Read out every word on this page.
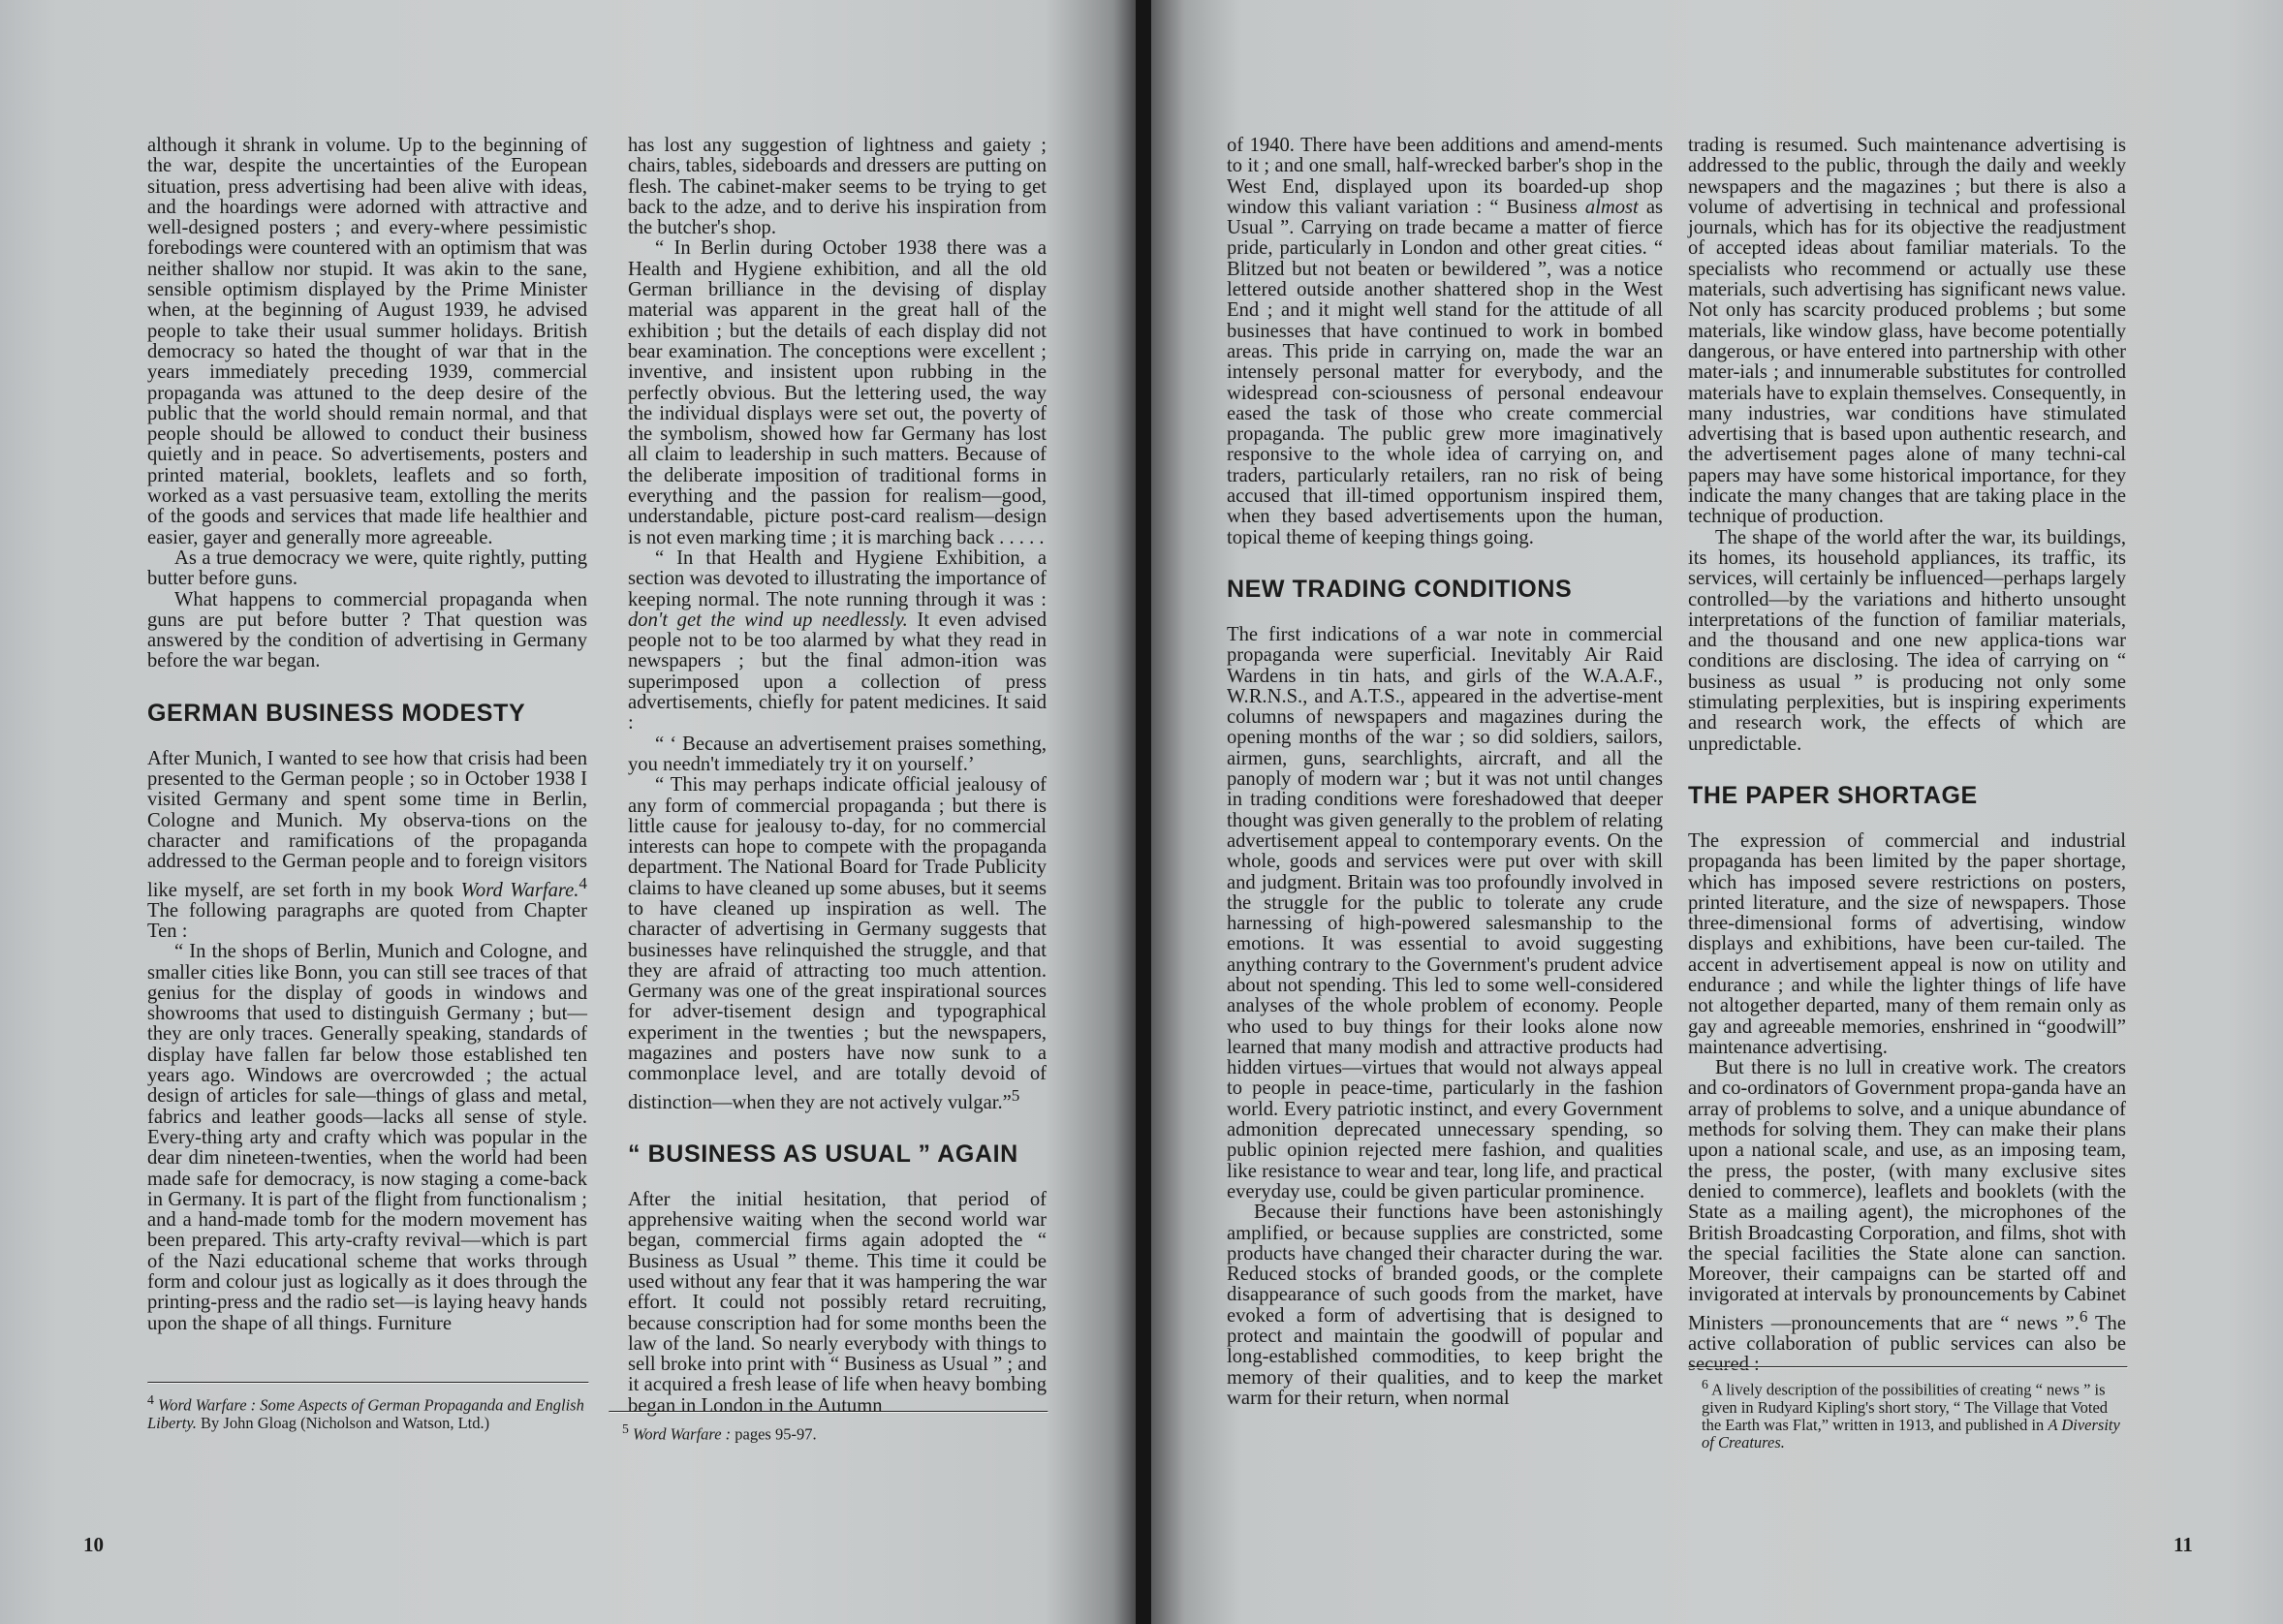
although it shrank in volume. Up to the beginning of the war, despite the uncertainties of the European situation, press advertising had been alive with ideas, and the hoardings were adorned with attractive and well-designed posters ; and every-where pessimistic forebodings were countered with an optimism that was neither shallow nor stupid. It was akin to the sane, sensible optimism displayed by the Prime Minister when, at the beginning of August 1939, he advised people to take their usual summer holidays. British democracy so hated the thought of war that in the years immediately preceding 1939, commercial propaganda was attuned to the deep desire of the public that the world should remain normal, and that people should be allowed to conduct their business quietly and in peace. So advertisements, posters and printed material, booklets, leaflets and so forth, worked as a vast persuasive team, extolling the merits of the goods and services that made life healthier and easier, gayer and generally more agreeable.

As a true democracy we were, quite rightly, putting butter before guns.

What happens to commercial propaganda when guns are put before butter ? That question was answered by the condition of advertising in Germany before the war began.

GERMAN BUSINESS MODESTY

After Munich, I wanted to see how that crisis had been presented to the German people ; so in October 1938 I visited Germany and spent some time in Berlin, Cologne and Munich. My observa-tions on the character and ramifications of the propaganda addressed to the German people and to foreign visitors like myself, are set forth in my book Word Warfare.$^4$ The following paragraphs are quoted from Chapter Ten :

“ In the shops of Berlin, Munich and Cologne, and smaller cities like Bonn, you can still see traces of that genius for the display of goods in windows and showrooms that used to distinguish Germany ; but—they are only traces. Generally speaking, standards of display have fallen far below those established ten years ago. Windows are overcrowded ; the actual design of articles for sale—things of glass and metal, fabrics and leather goods—lacks all sense of style. Every-thing arty and crafty which was popular in the dear dim nineteen-twenties, when the world had been made safe for democracy, is now staging a come-back in Germany. It is part of the flight from functionalism ; and a hand-made tomb for the modern movement has been prepared. This arty-crafty revival—which is part of the Nazi educational scheme that works through form and colour just as logically as it does through the printing-press and the radio set—is laying heavy hands upon the shape of all things. Furniture

$^4$ Word Warfare : Some Aspects of German Propaganda and English Liberty. By John Gloag (Nicholson and Watson, Ltd.)

has lost any suggestion of lightness and gaiety ; chairs, tables, sideboards and dressers are putting on flesh. The cabinet-maker seems to be trying to get back to the adze, and to derive his inspiration from the butcher's shop.

“ In Berlin during October 1938 there was a Health and Hygiene exhibition, and all the old German brilliance in the devising of display material was apparent in the great hall of the exhibition ; but the details of each display did not bear examination. The conceptions were excellent ; inventive, and insistent upon rubbing in the perfectly obvious. But the lettering used, the way the individual displays were set out, the poverty of the symbolism, showed how far Germany has lost all claim to leadership in such matters. Because of the deliberate imposition of traditional forms in everything and the passion for realism—good, understandable, picture post-card realism—design is not even marking time ; it is marching back . . . . .

“ In that Health and Hygiene Exhibition, a section was devoted to illustrating the importance of keeping normal. The note running through it was : don't get the wind up needlessly. It even advised people not to be too alarmed by what they read in newspapers ; but the final admon-ition was superimposed upon a collection of press advertisements, chiefly for patent medicines. It said :

“ ‘ Because an advertisement praises something, you needn't immediately try it on yourself.’

“ This may perhaps indicate official jealousy of any form of commercial propaganda ; but there is little cause for jealousy to-day, for no commercial interests can hope to compete with the propaganda department. The National Board for Trade Publicity claims to have cleaned up some abuses, but it seems to have cleaned up inspiration as well. The character of advertising in Germany suggests that businesses have relinquished the struggle, and that they are afraid of attracting too much attention. Germany was one of the great inspirational sources for adver-tisement design and typographical experiment in the twenties ; but the newspapers, magazines and posters have now sunk to a commonplace level, and are totally devoid of distinction—when they are not actively vulgar.”$^5$

“ BUSINESS AS USUAL ” AGAIN

After the initial hesitation, that period of apprehensive waiting when the second world war began, commercial firms again adopted the “ Business as Usual ” theme. This time it could be used without any fear that it was hampering the war effort. It could not possibly retard recruiting, because conscription had for some months been the law of the land. So nearly everybody with things to sell broke into print with “ Business as Usual ” ; and it acquired a fresh lease of life when heavy bombing began in London in the Autumn

$^5$ Word Warfare : pages 95-97.

10

of 1940. There have been additions and amend-ments to it ; and one small, half-wrecked barber's shop in the West End, displayed upon its boarded-up shop window this valiant variation : “ Business almost as Usual ”. Carrying on trade became a matter of fierce pride, particularly in London and other great cities. “ Blitzed but not beaten or bewildered ”, was a notice lettered outside another shattered shop in the West End ; and it might well stand for the attitude of all businesses that have continued to work in bombed areas. This pride in carrying on, made the war an intensely personal matter for everybody, and the widespread con-sciousness of personal endeavour eased the task of those who create commercial propaganda. The public grew more imaginatively responsive to the whole idea of carrying on, and traders, particularly retailers, ran no risk of being accused that ill-timed opportunism inspired them, when they based advertisements upon the human, topical theme of keeping things going.

NEW TRADING CONDITIONS

The first indications of a war note in commercial propaganda were superficial. Inevitably Air Raid Wardens in tin hats, and girls of the W.A.A.F., W.R.N.S., and A.T.S., appeared in the advertise-ment columns of newspapers and magazines during the opening months of the war ; so did soldiers, sailors, airmen, guns, searchlights, aircraft, and all the panoply of modern war ; but it was not until changes in trading conditions were foreshadowed that deeper thought was given generally to the problem of relating advertisement appeal to contemporary events. On the whole, goods and services were put over with skill and judgment. Britain was too profoundly involved in the struggle for the public to tolerate any crude harnessing of high-powered salesmanship to the emotions. It was essential to avoid suggesting anything contrary to the Government's prudent advice about not spending. This led to some well-considered analyses of the whole problem of economy. People who used to buy things for their looks alone now learned that many modish and attractive products had hidden virtues—virtues that would not always appeal to people in peace-time, particularly in the fashion world. Every patriotic instinct, and every Government admonition deprecated unnecessary spending, so public opinion rejected mere fashion, and qualities like resistance to wear and tear, long life, and practical everyday use, could be given particular prominence.

Because their functions have been astonishingly amplified, or because supplies are constricted, some products have changed their character during the war. Reduced stocks of branded goods, or the complete disappearance of such goods from the market, have evoked a form of advertising that is designed to protect and maintain the goodwill of popular and long-established commodities, to keep bright the memory of their qualities, and to keep the market warm for their return, when normal

trading is resumed. Such maintenance advertising is addressed to the public, through the daily and weekly newspapers and the magazines ; but there is also a volume of advertising in technical and professional journals, which has for its objective the readjustment of accepted ideas about familiar materials. To the specialists who recommend or actually use these materials, such advertising has significant news value. Not only has scarcity produced problems ; but some materials, like window glass, have become potentially dangerous, or have entered into partnership with other mater-ials ; and innumerable substitutes for controlled materials have to explain themselves. Consequently, in many industries, war conditions have stimulated advertising that is based upon authentic research, and the advertisement pages alone of many techni-cal papers may have some historical importance, for they indicate the many changes that are taking place in the technique of production.

The shape of the world after the war, its buildings, its homes, its household appliances, its traffic, its services, will certainly be influenced—perhaps largely controlled—by the variations and hitherto unsought interpretations of the function of familiar materials, and the thousand and one new applica-tions war conditions are disclosing. The idea of carrying on “ business as usual ” is producing not only some stimulating perplexities, but is inspiring experiments and research work, the effects of which are unpredictable.

THE PAPER SHORTAGE

The expression of commercial and industrial propaganda has been limited by the paper shortage, which has imposed severe restrictions on posters, printed literature, and the size of newspapers. Those three-dimensional forms of advertising, window displays and exhibitions, have been cur-tailed. The accent in advertisement appeal is now on utility and endurance ; and while the lighter things of life have not altogether departed, many of them remain only as gay and agreeable memories, enshrined in “goodwill” maintenance advertising.

But there is no lull in creative work. The creators and co-ordinators of Government propa-ganda have an array of problems to solve, and a unique abundance of methods for solving them. They can make their plans upon a national scale, and use, as an imposing team, the press, the poster, (with many exclusive sites denied to commerce), leaflets and booklets (with the State as a mailing agent), the microphones of the British Broadcasting Corporation, and films, shot with the special facilities the State alone can sanction. Moreover, their campaigns can be started off and invigorated at intervals by pronouncements by Cabinet Ministers —pronouncements that are “ news ”.$^6$ The active collaboration of public services can also be secured :

$^6$ A lively description of the possibilities of creating “ news ” is given in Rudyard Kipling's short story, “ The Village that Voted the Earth was Flat,” written in 1913, and published in A Diversity of Creatures.

11
